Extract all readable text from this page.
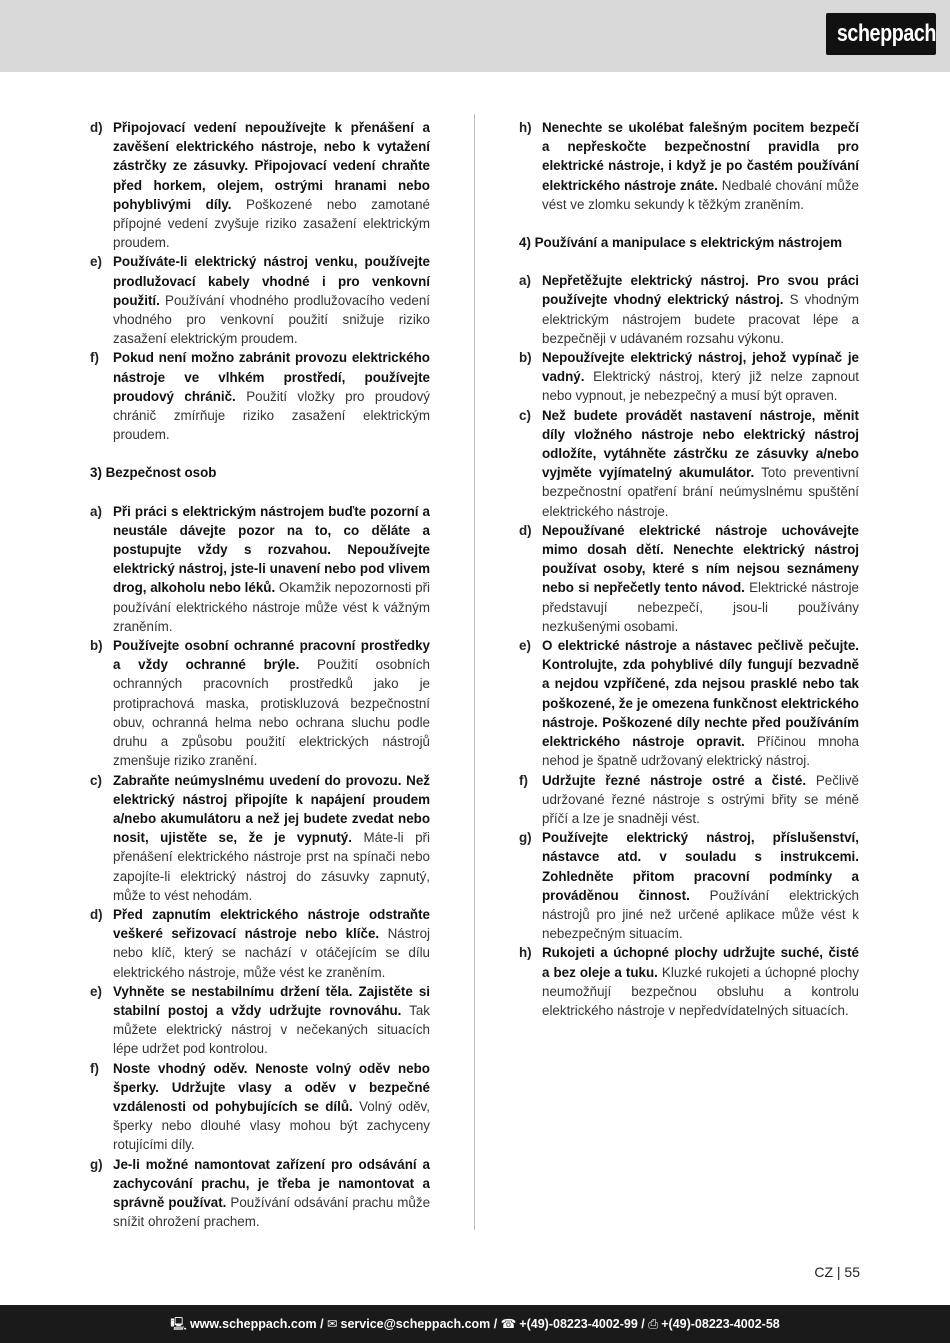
scheppach
d) Připojovací vedení nepoužívejte k přenášení a zavěšení elektrického nástroje, nebo k vytažení zástrčky ze zásuvky. Připojovací vedení chraňte před horkem, olejem, ostrými hranami nebo pohyblivými díly. Poškozené nebo zamotané přípojné vedení zvyšuje riziko zasažení elektrickým proudem.
e) Používáte-li elektrický nástroj venku, používejte prodlužovací kabely vhodné i pro venkovní použití. Používání vhodného prodlužovacího vedení vhodného pro venkovní použití snižuje riziko zasažení elektrickým proudem.
f)	Pokud není možno zabránit provozu elektrického nástroje ve vlhkém prostředí, používejte proudový chránič. Použití vložky pro proudový chránič zmírňuje riziko zasažení elektrickým proudem.
3) Bezpečnost osob
a) Při práci s elektrickým nástrojem buďte pozorní a neustále dávejte pozor na to, co děláte a postupujte vždy s rozvahou. Nepoužívejte elektrický nástroj, jste-li unavení nebo pod vlivem drog, alkoholu nebo léků. Okamžik nepozornosti při používání elektrického nástroje může vést k vážným zraněním.
b) Používejte osobní ochranné pracovní prostředky a vždy ochranné brýle. Použití osobních ochranných pracovních prostředků jako je protiprachová maska, protiskluzová bezpečnostní obuv, ochranná helma nebo ochrana sluchu podle druhu a způsobu použití elektrických nástrojů zmenšuje riziko zranění.
c) Zabraňte neúmyslnému uvedení do provozu. Než elektrický nástroj připojíte k napájení proudem a/nebo akumulátoru a než jej budete zvedat nebo nosit, ujistěte se, že je vypnutý. Máte-li při přenášení elektrického nástroje prst na spínači nebo zapojíte-li elektrický nástroj do zásuvky zapnutý, může to vést nehodám.
d) Před zapnutím elektrického nástroje odstraňte veškeré seřizovací nástroje nebo klíče. Nástroj nebo klíč, který se nachází v otáčejícím se dílu elektrického nástroje, může vést ke zraněním.
e) Vyhněte se nestabilnímu držení těla. Zajistěte si stabilní postoj a vždy udržujte rovnováhu. Tak můžete elektrický nástroj v nečekaných situacích lépe udržet pod kontrolou.
f)	Noste vhodný oděv. Nenoste volný oděv nebo šperky. Udržujte vlasy a oděv v bezpečné vzdálenosti od pohybujících se dílů. Volný oděv, šperky nebo dlouhé vlasy mohou být zachyceny rotujícími díly.
g) Je-li možné namontovat zařízení pro odsávání a zachycování prachu, je třeba je namontovat a správně používat. Používání odsávání prachu může snížit ohrožení prachem.
h) Nenechte se ukolébat falešným pocitem bezpečí a nepřeskočte bezpečnostní pravidla pro elektrické nástroje, i když je po častém používání elektrického nástroje znáte. Nedbalé chování může vést ve zlomku sekundy k těžkým zraněním.
4) Používání a manipulace s elektrickým nástrojem
a) Nepřetěžujte elektrický nástroj. Pro svou práci používejte vhodný elektrický nástroj. S vhodným elektrickým nástrojem budete pracovat lépe a bezpečněji v udávaném rozsahu výkonu.
b) Nepoužívejte elektrický nástroj, jehož vypínač je vadný. Elektrický nástroj, který již nelze zapnout nebo vypnout, je nebezpečný a musí být opraven.
c) Než budete provádět nastavení nástroje, měnit díly vložného nástroje nebo elektrický nástroj odložíte, vytáhněte zástrčku ze zásuvky a/nebo vyjměte vyjímatelný akumulátor. Toto preventivní bezpečnostní opatření brání neúmyslnému spuštění elektrického nástroje.
d) Nepoužívané elektrické nástroje uchovávejte mimo dosah dětí. Nenechte elektrický nástroj používat osoby, které s ním nejsou seznámeny nebo si nepřečetly tento návod. Elektrické nástroje představují nebezpečí, jsou-li používány nezkušenými osobami.
e) O elektrické nástroje a nástavec pečlivě pečujte. Kontrolujte, zda pohyblivé díly fungují bezvadně a nejdou vzpříčené, zda nejsou prasklé nebo tak poškozené, že je omezena funkčnost elektrického nástroje. Poškozené díly nechte před používáním elektrického nástroje opravit. Příčinou mnoha nehod je špatně udržovaný elektrický nástroj.
f)	Udržujte řezné nástroje ostré a čisté. Pečlivě udržované řezné nástroje s ostrými břity se méně příčí a lze je snadněji vést.
g) Používejte elektrický nástroj, příslušenství, nástavce atd. v souladu s instrukcemi. Zohledněte přitom pracovní podmínky a prováděnou činnost. Používání elektrických nástrojů pro jiné než určené aplikace může vést k nebezpečným situacím.
h) Rukojeti a úchopné plochy udržujte suché, čisté a bez oleje a tuku. Kluzké rukojeti a úchopné plochy neumožňují bezpečnou obsluhu a kontrolu elektrického nástroje v nepředvídatelných situacích.
CZ | 55
🖳︎ www.scheppach.com / ✉︎ service@scheppach.com / ☎︎ +(49)-08223-4002-99 / ⎙ +(49)-08223-4002-58
